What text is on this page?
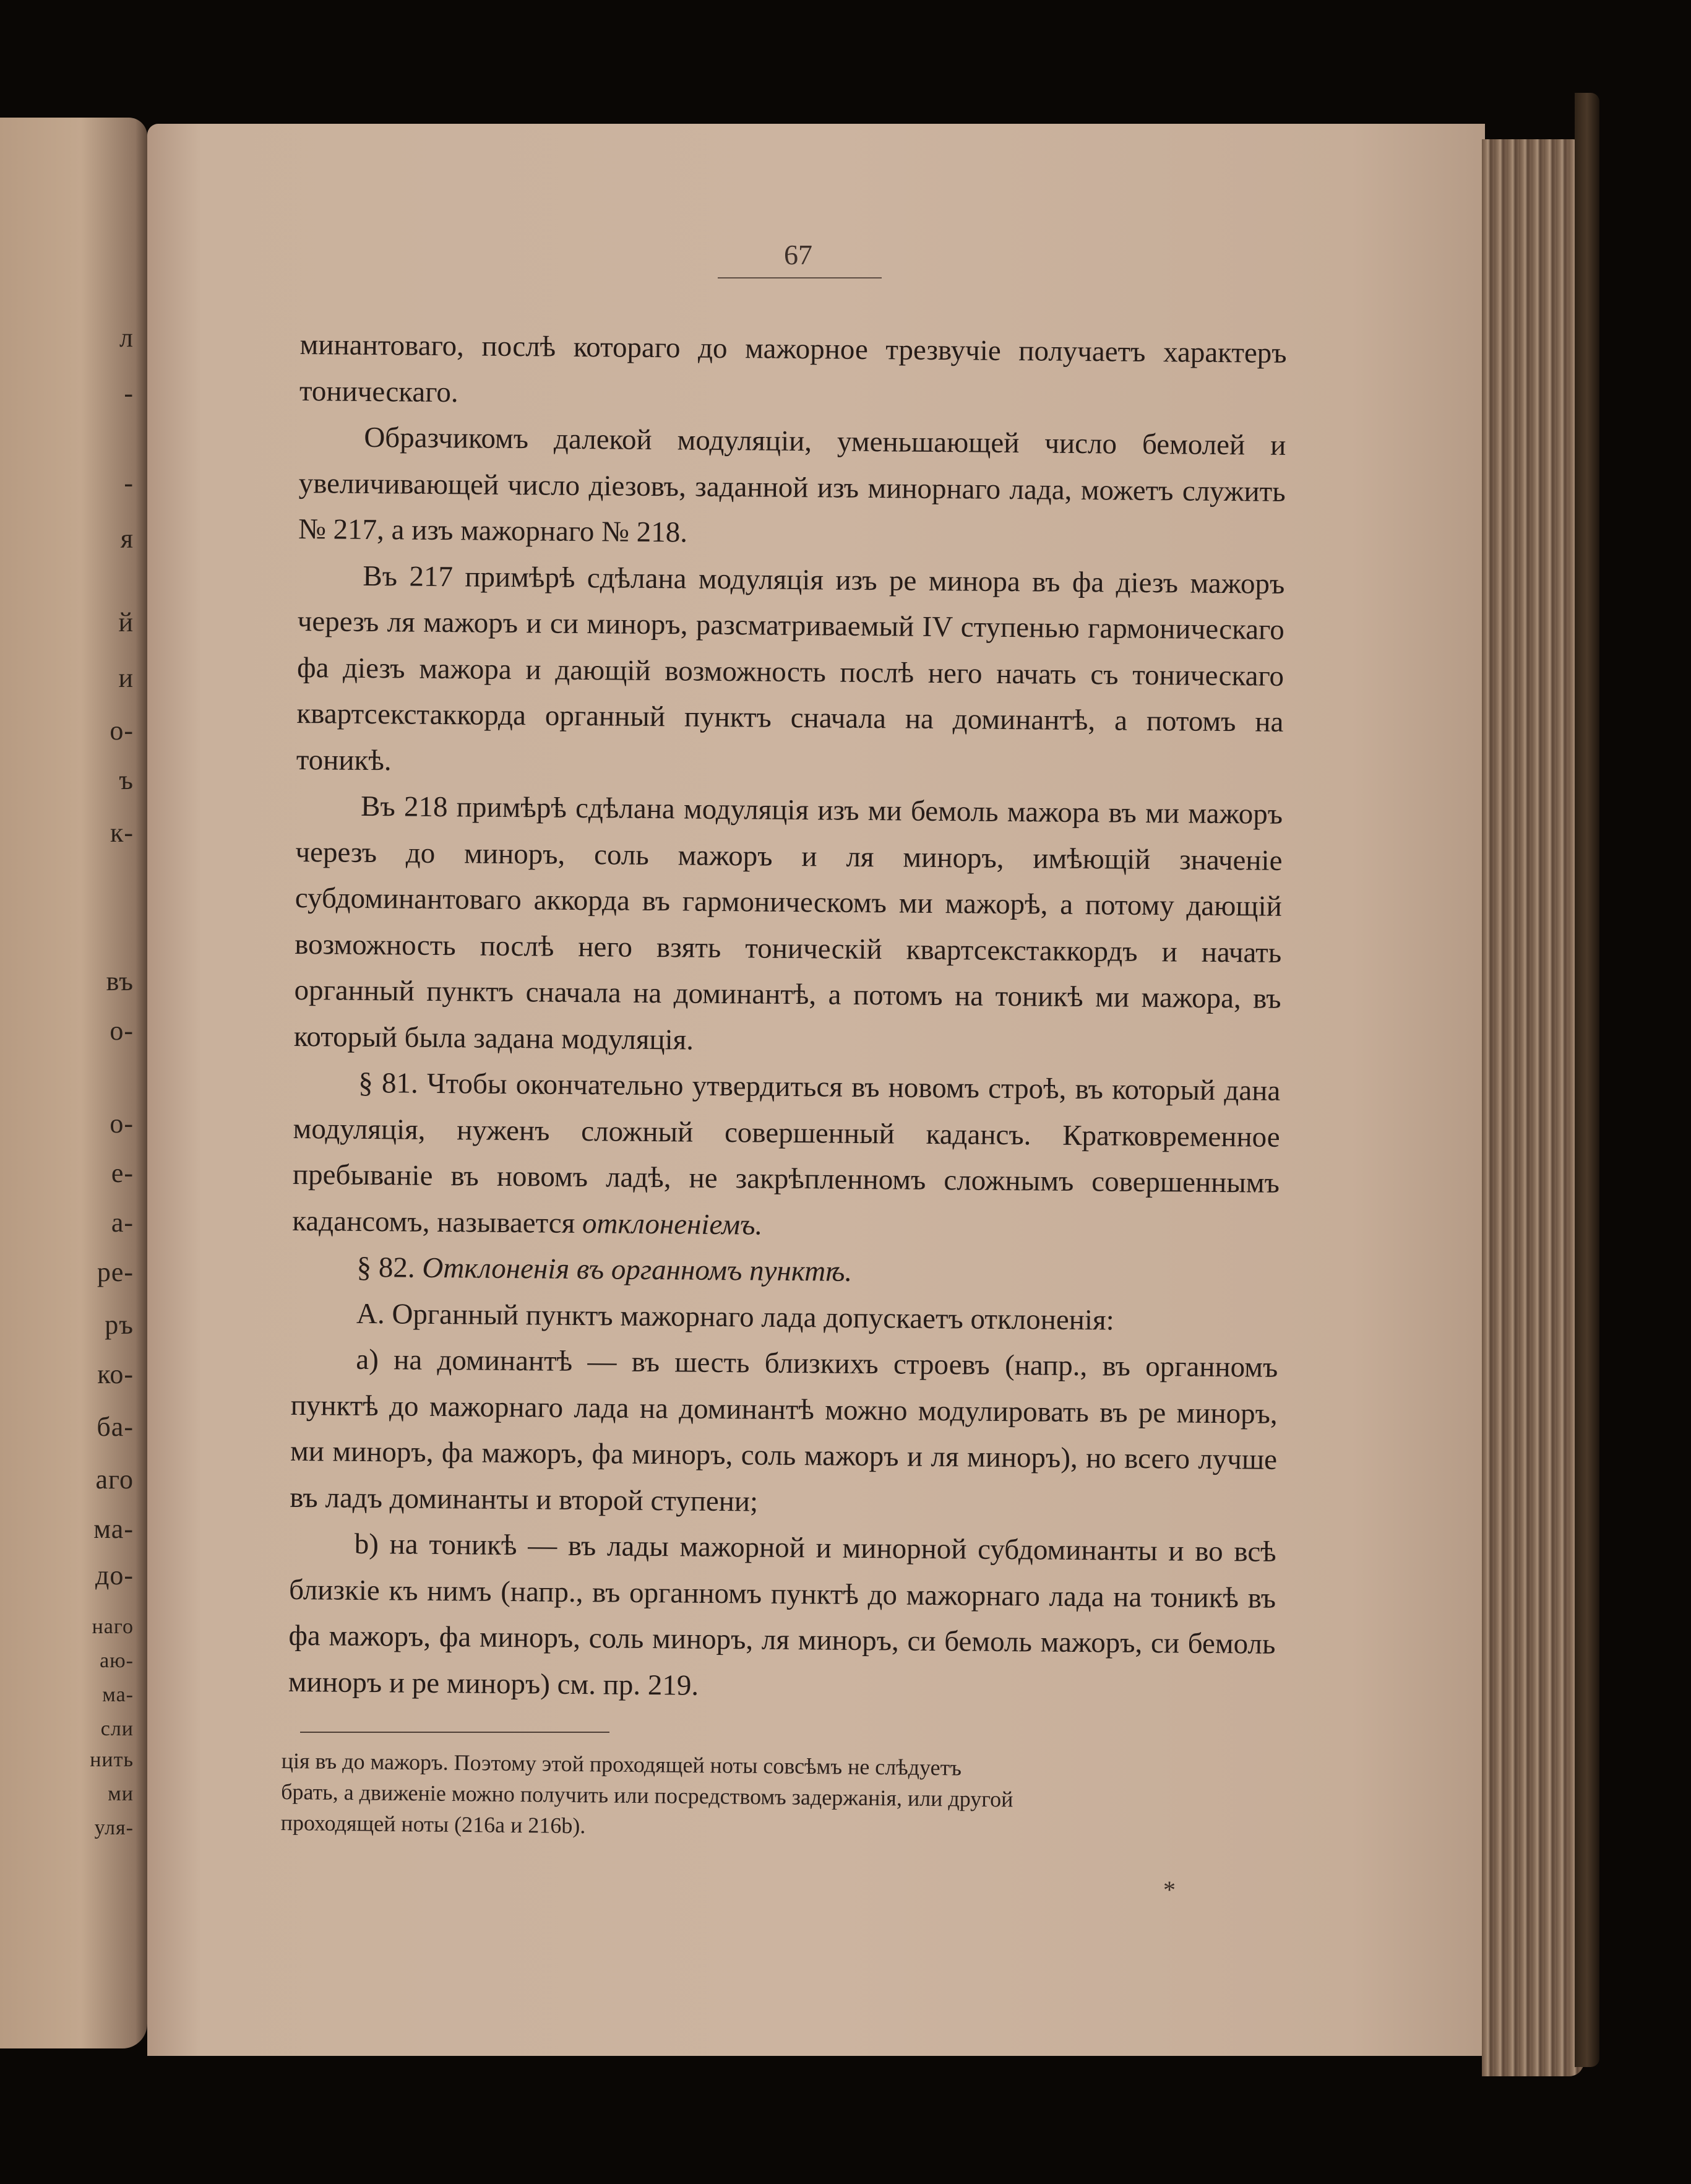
л
-
-
я
й
и
о-
ъ
к-
въ
о-
о-
е-
а-
ре-
ръ
ко-
ба-
аго
ма-
до-
наго
аю-
ма-
сли
нить
ми
уля-
67

минантоваго, послѣ котораго до мажорное трезвучіе получаетъ характеръ тоническаго.

Образчикомъ далекой модуляціи, уменьшающей число бемолей и увеличивающей число діезовъ, заданной изъ минорнаго лада, можетъ служить № 217, а изъ мажорнаго № 218.

Въ 217 примѣрѣ сдѣлана модуляція изъ ре минора въ фа діезъ мажоръ черезъ ля мажоръ и си миноръ, разсматриваемый IV ступенью гармоническаго фа діезъ мажора и дающій возможность послѣ него начать съ тоническаго квартсекстаккорда органный пунктъ сначала на доминантѣ, а потомъ на тоникѣ.

Въ 218 примѣрѣ сдѣлана модуляція изъ ми бемоль мажора въ ми мажоръ черезъ до миноръ, соль мажоръ и ля миноръ, имѣющій значеніе субдоминантоваго аккорда въ гармоническомъ ми мажорѣ, а потому дающій возможность послѣ него взять тоническій квартсекстаккордъ и начать органный пунктъ сначала на доминантѣ, а потомъ на тоникѣ ми мажора, въ который была задана модуляція.

§ 81. Чтобы окончательно утвердиться въ новомъ строѣ, въ который дана модуляція, нуженъ сложный совершенный кадансъ. Кратковременное пребываніе въ новомъ ладѣ, не закрѣпленномъ сложнымъ совершеннымъ кадансомъ, называется отклоненіемъ.

§ 82. Отклоненія въ органномъ пунктѣ.

A. Органный пунктъ мажорнаго лада допускаетъ отклоненія:

a) на доминантѣ — въ шесть близкихъ строевъ (напр., въ органномъ пунктѣ до мажорнаго лада на доминантѣ можно модулировать въ ре миноръ, ми миноръ, фа мажоръ, фа миноръ, соль мажоръ и ля миноръ), но всего лучше въ ладъ доминанты и второй ступени;

b) на тоникѣ — въ лады мажорной и минорной субдоминанты и во всѣ близкіе къ нимъ (напр., въ органномъ пунктѣ до мажорнаго лада на тоникѣ въ фа мажоръ, фа миноръ, соль миноръ, ля миноръ, си бемоль мажоръ, си бемоль миноръ и ре миноръ) см. пр. 219.

ція въ до мажоръ. Поэтому этой проходящей ноты совсѣмъ не слѣдуетъ
брать, а движеніе можно получить или посредствомъ задержанія, или другой
проходящей ноты (216a и 216b).
*
